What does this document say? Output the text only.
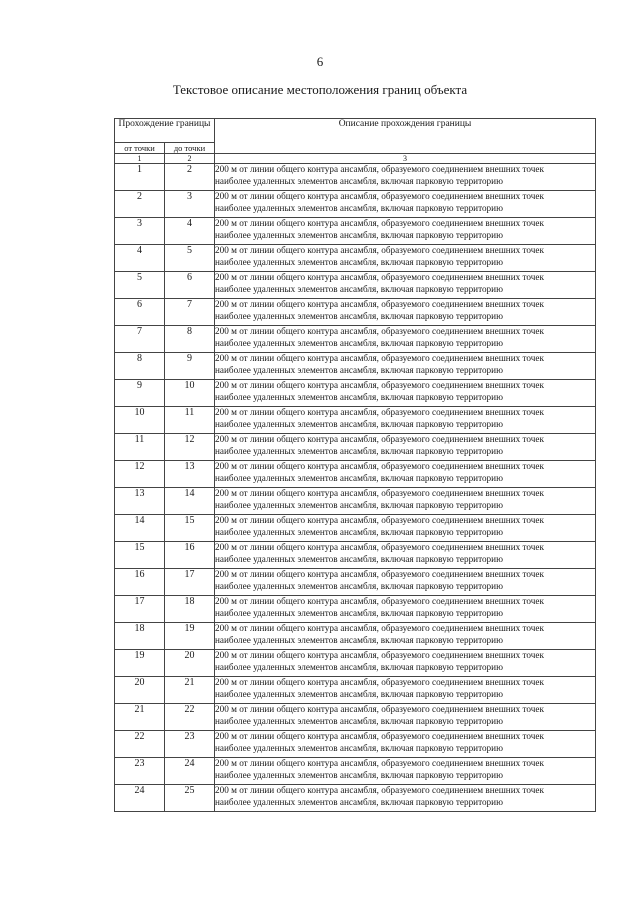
6
Текстовое описание местоположения границ объекта
Прохождение границы		Описание прохождения границы
от точки	до точки	
1	2	3
1	2	200 м от линии общего контура ансамбля, образуемого соединением внешних точек
наиболее удаленных элементов ансамбля, включая парковую территорию

2	3	200 м от линии общего контура ансамбля, образуемого соединением внешних точек
наиболее удаленных элементов ансамбля, включая парковую территорию

3	4	200 м от линии общего контура ансамбля, образуемого соединением внешних точек
наиболее удаленных элементов ансамбля, включая парковую территорию

4	5	200 м от линии общего контура ансамбля, образуемого соединением внешних точек
наиболее удаленных элементов ансамбля, включая парковую территорию

5	6	200 м от линии общего контура ансамбля, образуемого соединением внешних точек
наиболее удаленных элементов ансамбля, включая парковую территорию

6	7	200 м от линии общего контура ансамбля, образуемого соединением внешних точек
наиболее удаленных элементов ансамбля, включая парковую территорию

7	8	200 м от линии общего контура ансамбля, образуемого соединением внешних точек
наиболее удаленных элементов ансамбля, включая парковую территорию

8	9	200 м от линии общего контура ансамбля, образуемого соединением внешних точек
наиболее удаленных элементов ансамбля, включая парковую территорию

9	10	200 м от линии общего контура ансамбля, образуемого соединением внешних точек
наиболее удаленных элементов ансамбля, включая парковую территорию

10	11	200 м от линии общего контура ансамбля, образуемого соединением внешних точек
наиболее удаленных элементов ансамбля, включая парковую территорию

11	12	200 м от линии общего контура ансамбля, образуемого соединением внешних точек
наиболее удаленных элементов ансамбля, включая парковую территорию

12	13	200 м от линии общего контура ансамбля, образуемого соединением внешних точек
наиболее удаленных элементов ансамбля, включая парковую территорию

13	14	200 м от линии общего контура ансамбля, образуемого соединением внешних точек
наиболее удаленных элементов ансамбля, включая парковую территорию

14	15	200 м от линии общего контура ансамбля, образуемого соединением внешних точек
наиболее удаленных элементов ансамбля, включая парковую территорию

15	16	200 м от линии общего контура ансамбля, образуемого соединением внешних точек
наиболее удаленных элементов ансамбля, включая парковую территорию

16	17	200 м от линии общего контура ансамбля, образуемого соединением внешних точек
наиболее удаленных элементов ансамбля, включая парковую территорию

17	18	200 м от линии общего контура ансамбля, образуемого соединением внешних точек
наиболее удаленных элементов ансамбля, включая парковую территорию

18	19	200 м от линии общего контура ансамбля, образуемого соединением внешних точек
наиболее удаленных элементов ансамбля, включая парковую территорию

19	20	200 м от линии общего контура ансамбля, образуемого соединением внешних точек
наиболее удаленных элементов ансамбля, включая парковую территорию

20	21	200 м от линии общего контура ансамбля, образуемого соединением внешних точек
наиболее удаленных элементов ансамбля, включая парковую территорию

21	22	200 м от линии общего контура ансамбля, образуемого соединением внешних точек
наиболее удаленных элементов ансамбля, включая парковую территорию

22	23	200 м от линии общего контура ансамбля, образуемого соединением внешних точек
наиболее удаленных элементов ансамбля, включая парковую территорию

23	24	200 м от линии общего контура ансамбля, образуемого соединением внешних точек
наиболее удаленных элементов ансамбля, включая парковую территорию

24	25	200 м от линии общего контура ансамбля, образуемого соединением внешних точек
наиболее удаленных элементов ансамбля, включая парковую территорию
